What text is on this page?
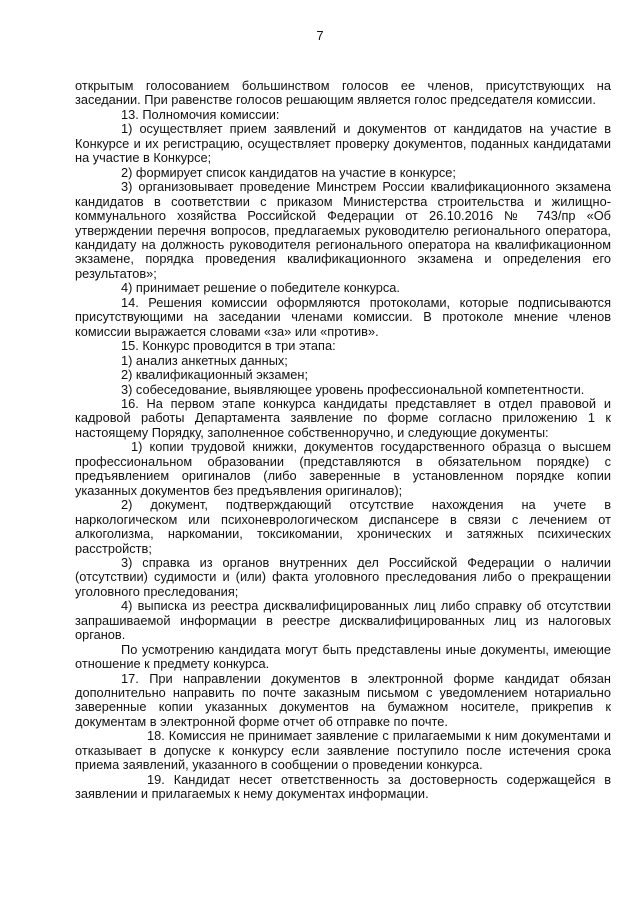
7

открытым голосованием большинством голосов ее членов, присутствующих на заседании. При равенстве голосов решающим является голос председателя комиссии.

13. Полномочия комиссии:

1) осуществляет прием заявлений и документов от кандидатов на участие в Конкурсе и их регистрацию, осуществляет проверку документов, поданных кандидатами на участие в Конкурсе;

2) формирует список кандидатов на участие в конкурсе;

3) организовывает проведение Минстрем России квалификационного экзамена кандидатов в соответствии с приказом Министерства строительства и жилищно-коммунального хозяйства Российской Федерации от 26.10.2016 № 743/пр «Об утверждении перечня вопросов, предлагаемых руководителю регионального оператора, кандидату на должность руководителя регионального оператора на квалификационном экзамене, порядка проведения квалификационного экзамена и определения его результатов»;

4) принимает решение о победителе конкурса.

14. Решения комиссии оформляются протоколами, которые подписываются присутствующими на заседании членами комиссии. В протоколе мнение членов комиссии выражается словами «за» или «против».

15. Конкурс проводится в три этапа:

1) анализ анкетных данных;

2) квалификационный экзамен;

3) собеседование, выявляющее уровень профессиональной компетентности.

16. На первом этапе конкурса кандидаты представляет в отдел правовой и кадровой работы Департамента заявление по форме согласно приложению 1 к настоящему Порядку, заполненное собственноручно, и следующие документы:

1) копии трудовой книжки, документов государственного образца о высшем профессиональном образовании (представляются в обязательном порядке) с предъявлением оригиналов (либо заверенные в установленном порядке копии указанных документов без предъявления оригиналов);

2) документ, подтверждающий отсутствие нахождения на учете в наркологическом или психоневрологическом диспансере в связи с лечением от алкоголизма, наркомании, токсикомании, хронических и затяжных психических расстройств;

3) справка из органов внутренних дел Российской Федерации о наличии (отсутствии) судимости и (или) факта уголовного преследования либо о прекращении уголовного преследования;

4) выписка из реестра дисквалифицированных лиц либо справку об отсутствии запрашиваемой информации в реестре дисквалифицированных лиц из налоговых органов.

По усмотрению кандидата могут быть представлены иные документы, имеющие отношение к предмету конкурса.

17. При направлении документов в электронной форме кандидат обязан дополнительно направить по почте заказным письмом с уведомлением нотариально заверенные копии указанных документов на бумажном носителе, прикрепив к документам в электронной форме отчет об отправке по почте.

18. Комиссия не принимает заявление с прилагаемыми к ним документами и отказывает в допуске к конкурсу если заявление поступило после истечения срока приема заявлений, указанного в сообщении о проведении конкурса.

19. Кандидат несет ответственность за достоверность содержащейся в заявлении и прилагаемых к нему документах информации.
